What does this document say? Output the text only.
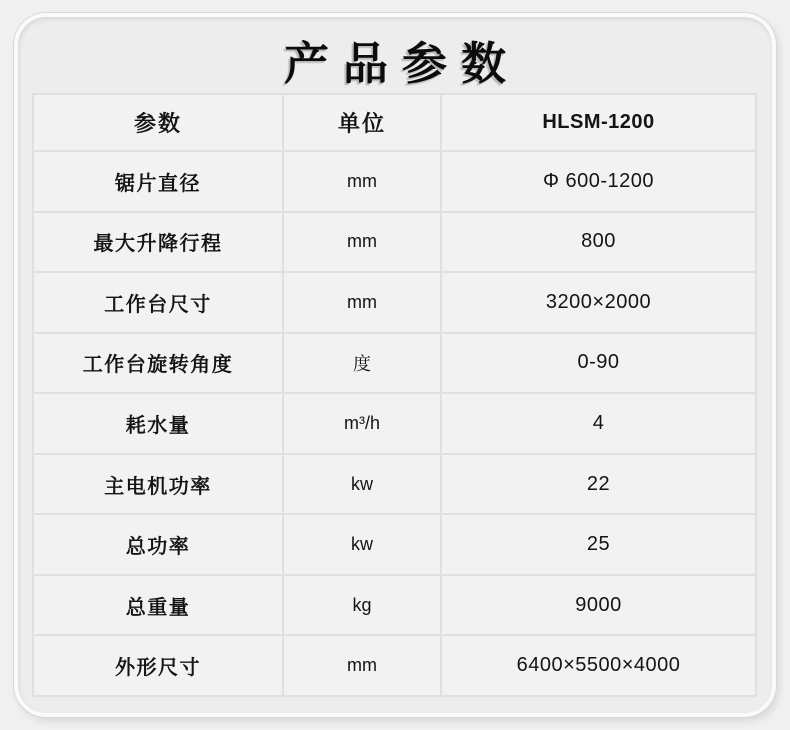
产品参数
参数	单位	HLSM-1200
锯片直径	mm	Φ 600-1200
最大升降行程	mm	800
工作台尺寸	mm	3200×2000
工作台旋转角度	度	0-90
耗水量	m³/h	4
主电机功率	kw	22
总功率	kw	25
总重量	kg	9000
外形尺寸	mm	6400×5500×4000
